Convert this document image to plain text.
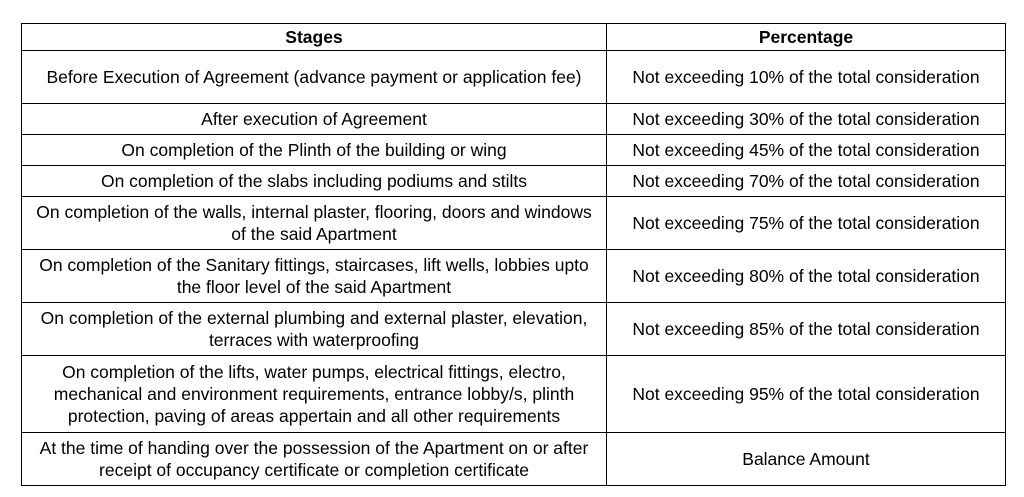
Stages	Percentage
Before Execution of Agreement (advance payment or application fee)	Not exceeding 10% of the total consideration
After execution of Agreement	Not exceeding 30% of the total consideration
On completion of the Plinth of the building or wing	Not exceeding 45% of the total consideration
On completion of the slabs including podiums and stilts	Not exceeding 70% of the total consideration
On completion of the walls, internal plaster, flooring, doors and windows of the said Apartment	Not exceeding 75% of the total consideration
On completion of the Sanitary fittings, staircases, lift wells, lobbies upto the floor level of the said Apartment	Not exceeding 80% of the total consideration
On completion of the external plumbing and external plaster, elevation, terraces with waterproofing	Not exceeding 85% of the total consideration
On completion of the lifts, water pumps, electrical fittings, electro, mechanical and environment requirements, entrance lobby/s, plinth protection, paving of areas appertain and all other requirements	Not exceeding 95% of the total consideration
At the time of handing over the possession of the Apartment on or after receipt of occupancy certificate or completion certificate	Balance Amount
